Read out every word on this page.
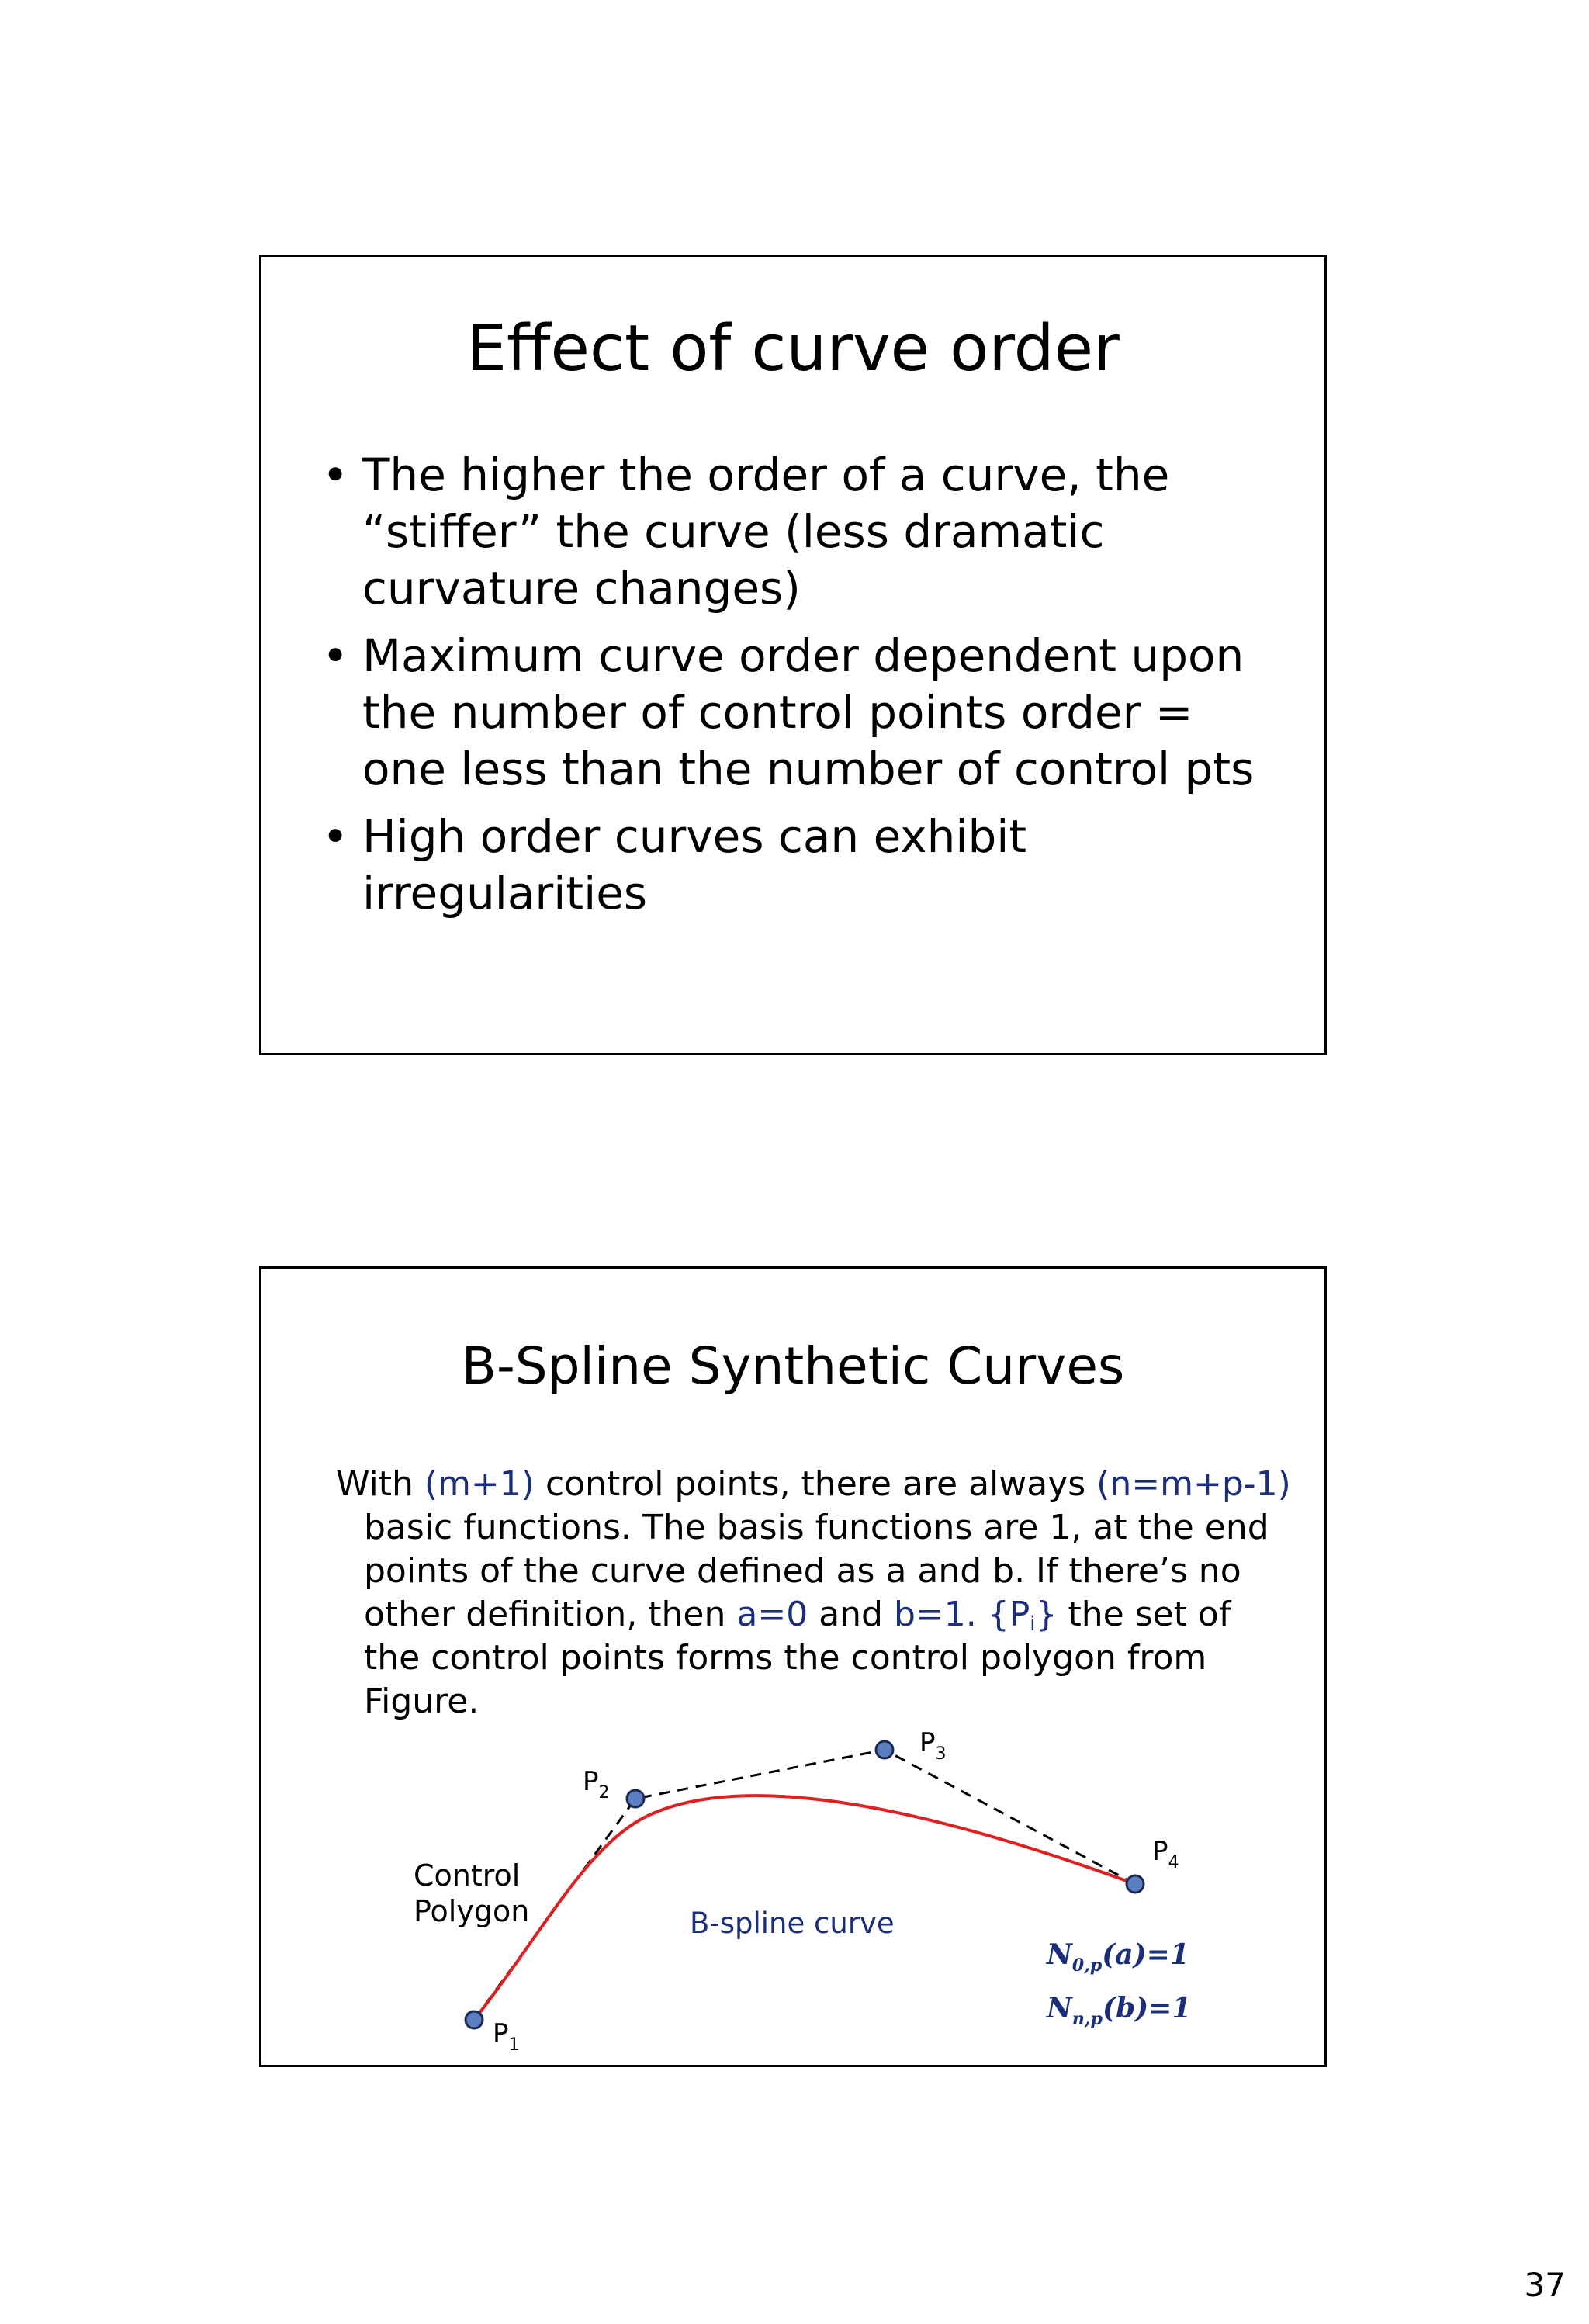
Effect of curve order
• The higher the order of a curve, the “stiffer” the curve (less dramatic curvature changes)
• Maximum curve order dependent upon the number of control points order = one less than the number of control pts
• High order curves can exhibit irregularities
B-Spline Synthetic Curves

With (m+1) control points, there are always (n=m+p-1) basic functions. The basis functions are 1, at the end points of the curve defined as a and b. If there’s no other definition, then a=0 and b=1. $\{P_i\}$ the set of the control points forms the control polygon from Figure.

$P_1$
$P_2$
$P_3$
$P_4$
Control
Polygon	B-spline curve
$N_{0,p}(a)=1$
$N_{n,p}(b)=1$
37
